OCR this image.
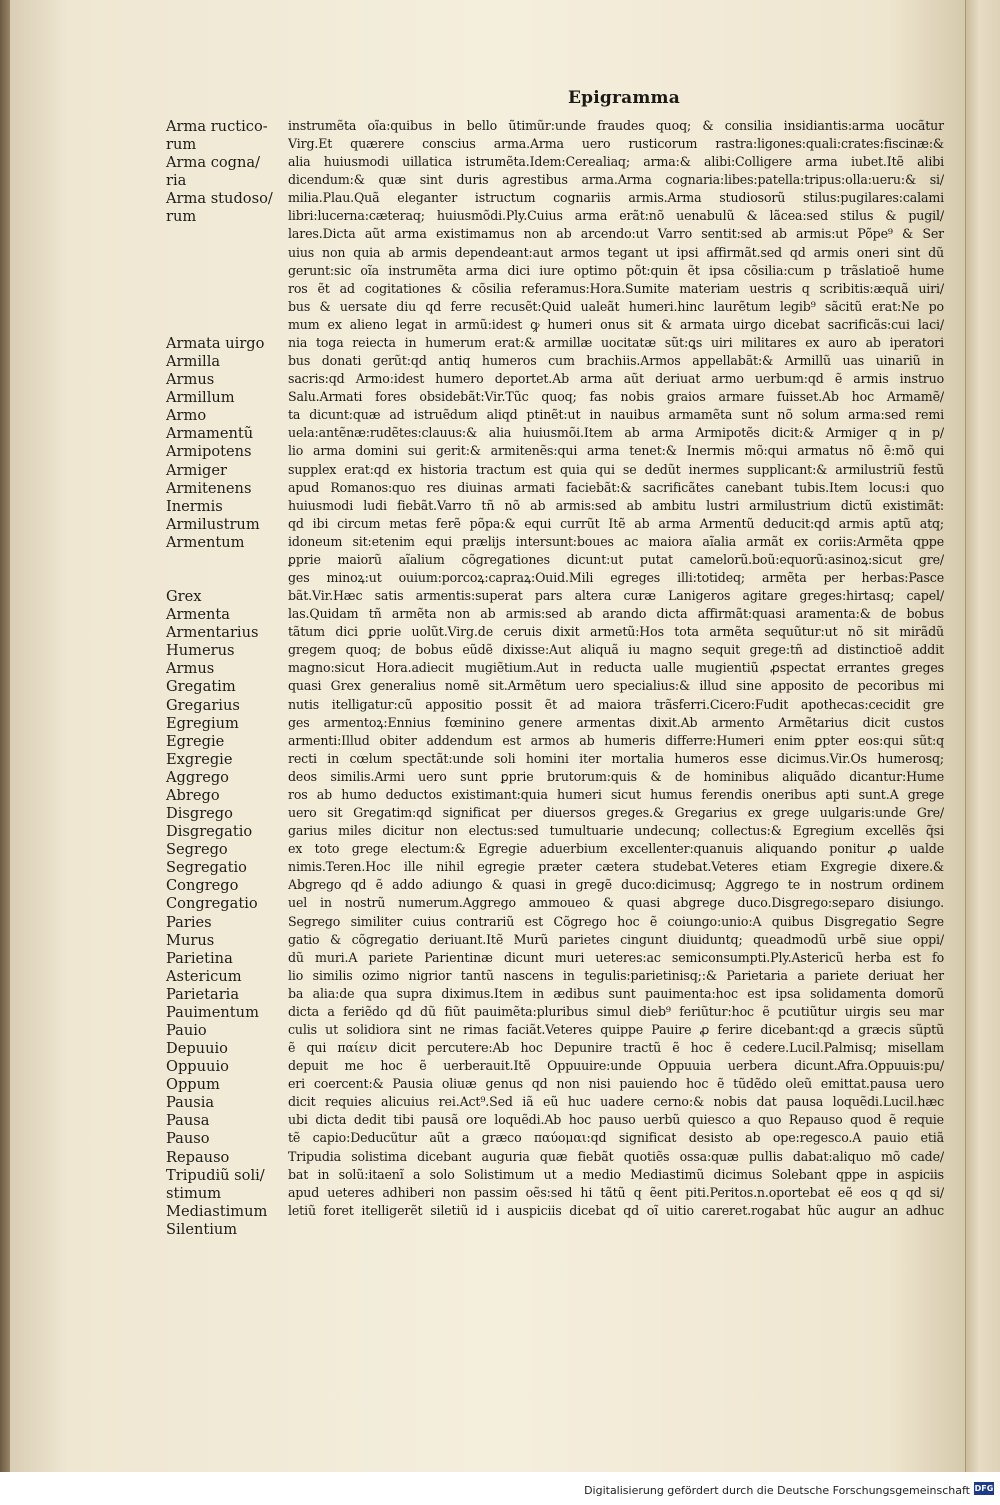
Epigramma
Arma ructico-
rum
Arma cogna/
ria
Arma studoso/
rum
Armata uirgo
Armilla
Armus
Armillum
Armo
Armamentũ
Armipotens
Armiger
Armitenens
Inermis
Armilustrum
Armentum
Grex
Armenta
Armentarius
Humerus
Armus
Gregatim
Gregarius
Egregium
Egregie
Exgregie
Aggrego
Abrego
Disgrego
Disgregatio
Segrego
Segregatio
Congrego
Congregatio
Paries
Murus
Parietina
Astericum
Parietaria
Pauimentum
Pauio
Depuuio
Oppuuio
Oppum
Pausia
Pausa
Pauso
Repauso
Tripudiũ soli/
stimum
Mediastimum
Silentium
instrumẽta oĩa:quibus in bello ũtimũr:unde fraudes quoq; & consilia insidiantis:arma uocãtur
Virg.Et quærere conscius arma.Arma uero rusticorum rastra:ligones:quali:crates:fiscinæ:&
alia huiusmodi uillatica istrumẽta.Idem:Cerealiaq; arma:& alibi:Colligere arma iubet.Itẽ alibi
dicendum:& quæ sint duris agrestibus arma.Arma cognaria:libes:patella:tripus:olla:ueru:& si/
milia.Plau.Quã eleganter istructum cognariis armis.Arma studiosorũ stilus:pugilares:calami
libri:lucerna:cæteraq; huiusmõdi.Ply.Cuius arma erãt:nõ uenabulũ & lãcea:sed stilus & pugil/
lares.Dicta aũt arma existimamus non ab arcendo:ut Varro sentit:sed ab armis:ut Põpe⁹ & Ser
uius non quia ab armis dependeant:aut armos tegant ut ipsi affirmãt.sed qd armis oneri sint dũ
gerunt:sic oĩa instrumẽta arma dici iure optimo põt:quin ẽt ipsa cõsilia:cum p trãslatioẽ hume
ros ẽt ad cogitationes & cõsilia referamus:Hora.Sumite materiam uestris q scribitis:æquã uiri/
bus & uersate diu qd ferre recusẽt:Quid ualeãt humeri.hinc laurẽtum legib⁹ sãcitũ erat:Ne po
mum ex alieno legat in armũ:idest ꝙ humeri onus sit & armata uirgo dicebat sacrificãs:cui laci/
nia toga reiecta in humerum erat:& armillæ uocitatæ sũt:ꝗs uiri militares ex auro ab iperatori
bus donati gerũt:qd antiq humeros cum brachiis.Armos appellabãt:& Armillũ uas uinariũ in
sacris:qd Armo:idest humero deportet.Ab arma aũt deriuat armo uerbum:qd ẽ armis instruo
Salu.Armati fores obsidebãt:Vir.Tũc quoq; fas nobis graios armare fuisset.Ab hoc Armamẽ/
ta dicunt:quæ ad istruẽdum aliqd ptinẽt:ut in nauibus armamẽta sunt nõ solum arma:sed remi
uela:antẽnæ:rudẽtes:clauus:& alia huiusmõi.Item ab arma Armipotẽs dicit:& Armiger q in p/
lio arma domini sui gerit:& armitenẽs:qui arma tenet:& Inermis mõ:qui armatus nõ ẽ:mõ qui
supplex erat:qd ex historia tractum est quia qui se dedũt inermes supplicant:& armilustriũ festũ
apud Romanos:quo res diuinas armati faciebãt:& sacrificãtes canebant tubis.Item locus:i quo
huiusmodi ludi fiebãt.Varro tñ nõ ab armis:sed ab ambitu lustri armilustrium dictũ existimãt:
qd ibi circum metas ferẽ põpa:& equi currũt Itẽ ab arma Armentũ deducit:qd armis aptũ atq;
idoneum sit:etenim equi prælijs intersunt:boues ac maiora aĩalia armãt ex coriis:Armẽta qppe
ꝑprie maiorũ aĩalium cõgregationes dicunt:ut putat camelorũ.boũ:equorũ:asinoꝝ:sicut gre/
ges minoꝝ:ut ouium:porcoꝝ:capraꝝ:Ouid.Mili egreges illi:totideq; armẽta per herbas:Pasce
bãt.Vir.Hæc satis armentis:superat pars altera curæ Lanigeros agitare greges:hirtasq; capel/
las.Quidam tñ armẽta non ab armis:sed ab arando dicta affirmãt:quasi aramenta:& de bobus
tãtum dici ꝑprie uolũt.Virg.de ceruis dixit armetũ:Hos tota armẽta sequũtur:ut nõ sit mirãdũ
gregem quoq; de bobus eũdẽ dixisse:Aut aliquã iu magno sequit grege:tñ ad distinctioẽ addit
magno:sicut Hora.adiecit mugiẽtium.Aut in reducta ualle mugientiũ ꝓspectat errantes greges
quasi Grex generalius nomẽ sit.Armẽtum uero specialius:& illud sine apposito de pecoribus mi
nutis itelligatur:cũ appositio possit ẽt ad maiora trãsferri.Cicero:Fudit apothecas:cecidit gre
ges armentoꝝ:Ennius fœminino genere armentas dixit.Ab armento Armẽtarius dicit custos
armenti:Illud obiter addendum est armos ab humeris differre:Humeri enim ꝑpter eos:qui sũt:q
recti in cœlum spectãt:unde soli homini iter mortalia humeros esse dicimus.Vir.Os humerosq;
deos similis.Armi uero sunt ꝑprie brutorum:quis & de hominibus aliquãdo dicantur:Hume
ros ab humo deductos existimant:quia humeri sicut humus ferendis oneribus apti sunt.A grege
uero sit Gregatim:qd significat per diuersos greges.& Gregarius ex grege uulgaris:unde Gre/
garius miles dicitur non electus:sed tumultuarie undecunq; collectus:& Egregium excellẽs q̃si
ex toto grege electum:& Egregie aduerbium excellenter:quanuis aliquando ponitur ꝓ ualde
nimis.Teren.Hoc ille nihil egregie præter cætera studebat.Veteres etiam Exgregie dixere.&
Abgrego qd ẽ addo adiungo & quasi in gregẽ duco:dicimusq; Aggrego te in nostrum ordinem
uel in nostrũ numerum.Aggrego ammoueo & quasi abgrege duco.Disgrego:separo disiungo.
Segrego similiter cuius contrariũ est Cõgrego hoc ẽ coiungo:unio:A quibus Disgregatio Segre
gatio & cõgregatio deriuant.Itẽ Murũ parietes cingunt diuiduntq; queadmodũ urbẽ siue oppi/
dũ muri.A pariete Parientinæ dicunt muri ueteres:ac semiconsumpti.Ply.Astericũ herba est fo
lio similis ozimo nigrior tantũ nascens in tegulis:parietinisq;:& Parietaria a pariete deriuat her
ba alia:de qua supra diximus.Item in ædibus sunt pauimenta:hoc est ipsa solidamenta domorũ
dicta a feriẽdo qd dũ fiũt pauimẽta:pluribus simul dieb⁹ feriũtur:hoc ẽ pcutiũtur uirgis seu mar
culis ut solidiora sint ne rimas faciãt.Veteres quippe Pauire ꝓ ferire dicebant:qd a græcis sũptũ
ẽ qui παίειν dicit percutere:Ab hoc Depunire tractũ ẽ hoc ẽ cedere.Lucil.Palmisq; misellam
depuit me hoc ẽ uerberauit.Itẽ Oppuuire:unde Oppuuia uerbera dicunt.Afra.Oppuuis:pu/
eri coercent:& Pausia oliuæ genus qd non nisi pauiendo hoc ẽ tũdẽdo oleũ emittat.pausa uero
dicit requies alicuius rei.Act⁹.Sed iã eũ huc uadere cerno:& nobis dat pausa loquẽdi.Lucil.hæc
ubi dicta dedit tibi pausã ore loquẽdi.Ab hoc pauso uerbũ quiesco a quo Repauso quod ẽ requie
tẽ capio:Deducũtur aũt a græco παύομαι:qd significat desisto ab ope:regesco.A pauio etiã
Tripudia solistima dicebant auguria quæ fiebãt quotiẽs ossa:quæ pullis dabat:aliquo mõ cade/
bat in solũ:itaenĩ a solo Solistimum ut a medio Mediastimũ dicimus Solebant qppe in aspiciis
apud ueteres adhiberi non passim oẽs:sed hi tãtũ q ẽent piti.Peritos.n.oportebat eẽ eos q qd si/
letiũ foret itelligerẽt siletiũ id i auspiciis dicebat qd oĩ uitio careret.rogabat hũc augur an adhuc
Digitalisierung gefördert durch die Deutsche Forschungsgemeinschaft DFG
